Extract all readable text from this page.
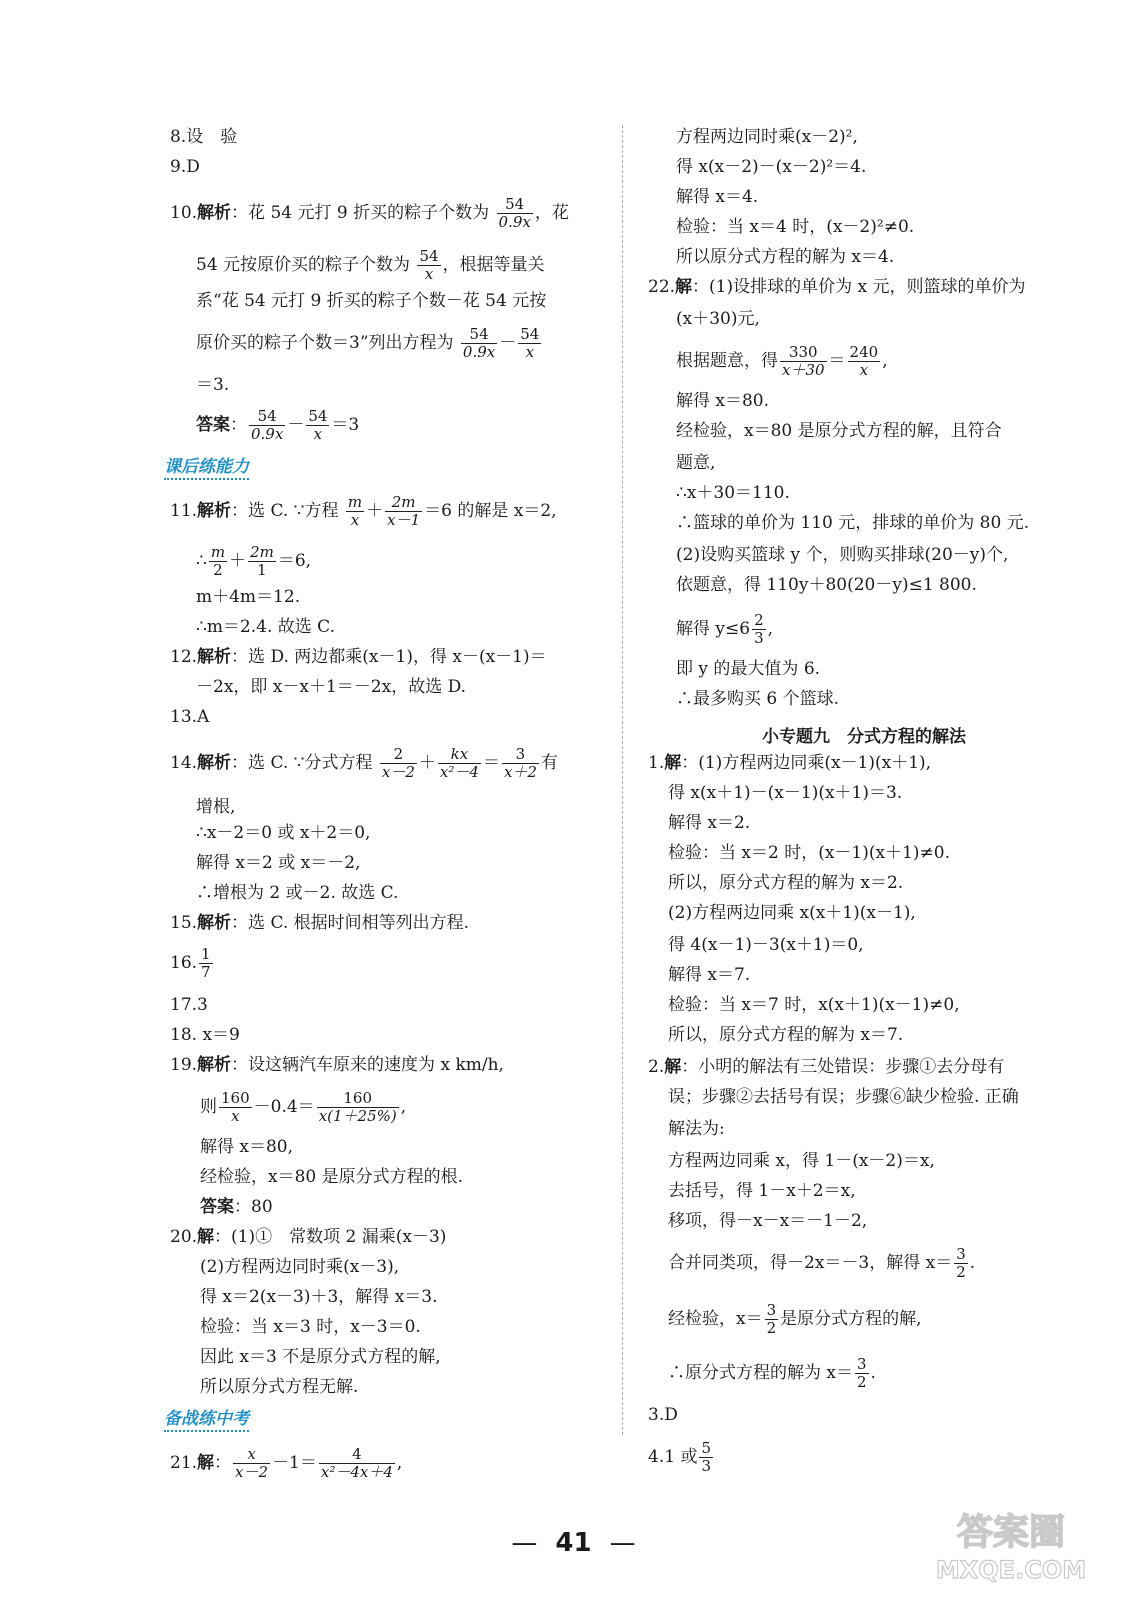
8.设　验
9.D
10.解析：花 54 元打 9 折买的粽子个数为 $\frac{54}{0.9x}$ ，花
54 元按原价买的粽子个数为 $\frac{54}{x}$ ，根据等量关
系“花 54 元打 9 折买的粽子个数－花 54 元按
原价买的粽子个数＝3”列出方程为 $\frac{54}{0.9x} - \frac{54}{x}$
＝3.
答案： $\frac{54}{0.9x} - \frac{54}{x} =3$
课后练能力
11.解析：选 C. ∵方程 $\frac{m}{x} + \frac{2m}{x-1} =6$ 的解是 x＝2,
∴ $\frac{m}{2} + \frac{2m}{1} =6$,
m＋4m＝12.
∴m＝2.4. 故选 C.
12.解析：选 D. 两边都乘(x－1)，得 x－(x－1)＝
－2x，即 x－x＋1＝－2x，故选 D.
13.A
14.解析：选 C. ∵分式方程 $\frac{2}{x-2} + \frac{kx}{\text{x²－4}} = \frac{3}{x+2}$ 有
增根,
∴x－2＝0 或 x＋2＝0,
解得 x＝2 或 x＝－2,
∴增根为 2 或－2. 故选 C.
15.解析：选 C. 根据时间相等列出方程.
16. $\frac{1}{7}$
17.3
18. x＝9
19.解析：设这辆汽车原来的速度为 x km/h,
则 $\frac{160}{x} -0.4= \frac{160}{x(1+25\%)}$ ,
解得 x＝80,
经检验，x＝80 是原分式方程的根.
答案：80
20.解：(1)①　常数项 2 漏乘(x－3)
(2)方程两边同时乘(x－3),
得 x＝2(x－3)＋3，解得 x＝3.
检验：当 x＝3 时，x－3＝0.
因此 x＝3 不是原分式方程的解,
所以原分式方程无解.
备战练中考
21.解： $\frac{x}{x-2} -1= \frac{4}{\text{x²－4x＋4}}$ ,
方程两边同时乘(x－2)²,
得 x(x－2)－(x－2)²＝4.
解得 x＝4.
检验：当 x＝4 时，(x－2)²≠0.
所以原分式方程的解为 x＝4.
22.解：(1)设排球的单价为 x 元，则篮球的单价为
(x＋30)元,
根据题意，得 $\frac{330}{x+30} = \frac{240}{x}$ ,
解得 x＝80.
经检验，x＝80 是原分式方程的解，且符合
题意,
∴x＋30＝110.
∴篮球的单价为 110 元，排球的单价为 80 元.
(2)设购买篮球 y 个，则购买排球(20－y)个,
依题意，得 110y＋80(20－y)≤1 800.
解得 $y\le 6 \frac{2}{3}$ ,
即 y 的最大值为 6.
∴最多购买 6 个篮球.
小专题九　分式方程的解法
1.解：(1)方程两边同乘(x－1)(x＋1),
得 x(x＋1)－(x－1)(x＋1)＝3.
解得 x＝2.
检验：当 x＝2 时，(x－1)(x＋1)≠0.
所以，原分式方程的解为 x＝2.
(2)方程两边同乘 x(x＋1)(x－1),
得 4(x－1)－3(x＋1)＝0,
解得 x＝7.
检验：当 x＝7 时，x(x＋1)(x－1)≠0,
所以，原分式方程的解为 x＝7.
2.解：小明的解法有三处错误：步骤①去分母有
误；步骤②去括号有误；步骤⑥缺少检验. 正确
解法为:
方程两边同乘 x，得 1－(x－2)＝x,
去括号，得 1－x＋2＝x,
移项，得－x－x＝－1－2,
合并同类项，得－2x＝－3，解得 $x= \frac{3}{2}$ .
经检验，$x= \frac{3}{2}$ 是原分式方程的解,
∴原分式方程的解为 $x= \frac{3}{2}$ .
3.D
4.1 或 $\frac{5}{3}$
— 41 —	答案圈
MXQE.COM
